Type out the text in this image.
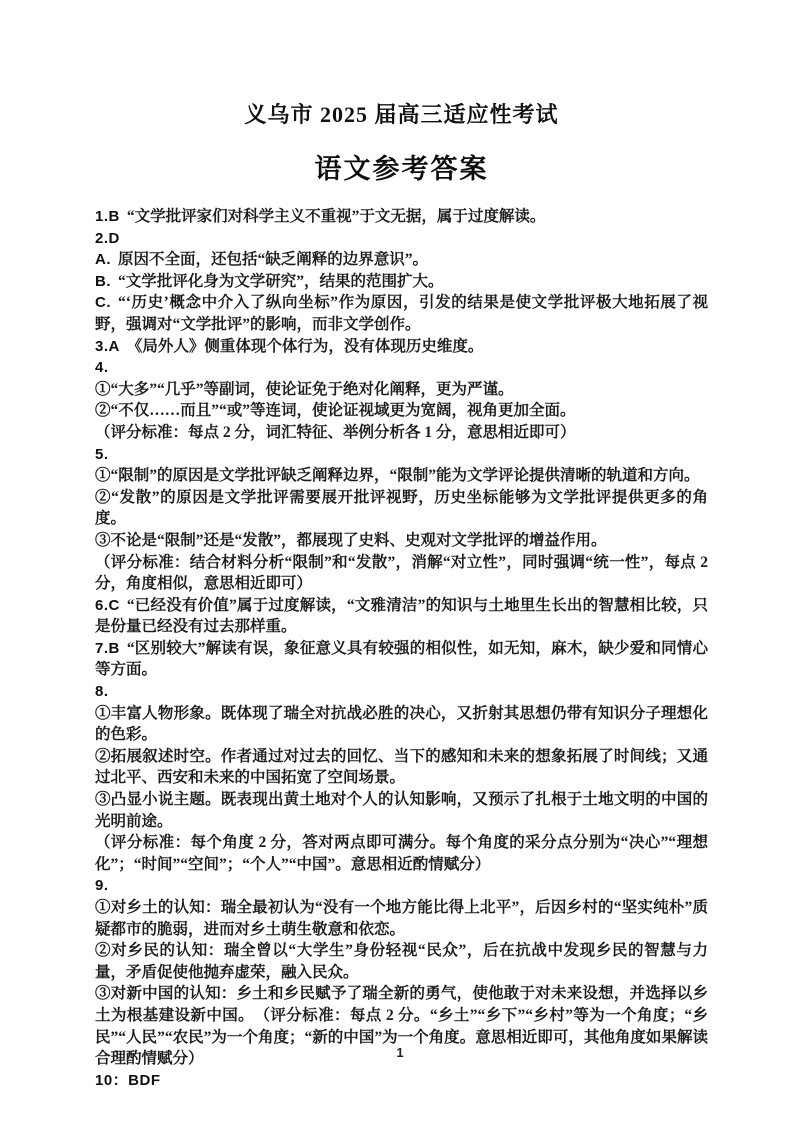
义乌市 2025 届高三适应性考试
语文参考答案

1.B “文学批评家们对科学主义不重视”于文无据，属于过度解读。

2.D

A. 原因不全面，还包括“缺乏阐释的边界意识”。

B. “文学批评化身为文学研究”，结果的范围扩大。

C. “‘历史’概念中介入了纵向坐标”作为原因，引发的结果是使文学批评极大地拓展了视野，强调对“文学批评”的影响，而非文学创作。

3.A 《局外人》侧重体现个体行为，没有体现历史维度。

4.

①“大多”“几乎”等副词，使论证免于绝对化阐释，更为严谨。

②“不仅……而且”“或”等连词，使论证视域更为宽阔，视角更加全面。

（评分标准：每点 2 分，词汇特征、举例分析各 1 分，意思相近即可）

5.

①“限制”的原因是文学批评缺乏阐释边界，“限制”能为文学评论提供清晰的轨道和方向。

②“发散”的原因是文学批评需要展开批评视野，历史坐标能够为文学批评提供更多的角度。

③不论是“限制”还是“发散”，都展现了史料、史观对文学批评的增益作用。

（评分标准：结合材料分析“限制”和“发散”，消解“对立性”，同时强调“统一性”，每点 2 分，角度相似，意思相近即可）

6.C “已经没有价值”属于过度解读，“文雅清洁”的知识与土地里生长出的智慧相比较，只是份量已经没有过去那样重。

7.B “区别较大”解读有误，象征意义具有较强的相似性，如无知，麻木，缺少爱和同情心等方面。

8.

①丰富人物形象。既体现了瑞全对抗战必胜的决心，又折射其思想仍带有知识分子理想化的色彩。

②拓展叙述时空。作者通过对过去的回忆、当下的感知和未来的想象拓展了时间线；又通过北平、西安和未来的中国拓宽了空间场景。

③凸显小说主题。既表现出黄土地对个人的认知影响，又预示了扎根于土地文明的中国的光明前途。

（评分标准：每个角度 2 分，答对两点即可满分。每个角度的采分点分别为“决心”“理想化”；“时间”“空间”；“个人”“中国”。意思相近酌情赋分）

9.

①对乡土的认知：瑞全最初认为“没有一个地方能比得上北平”，后因乡村的“坚实纯朴”质疑都市的脆弱，进而对乡土萌生敬意和依恋。

②对乡民的认知：瑞全曾以“大学生”身份轻视“民众”，后在抗战中发现乡民的智慧与力量，矛盾促使他抛弃虚荣，融入民众。

③对新中国的认知：乡土和乡民赋予了瑞全新的勇气，使他敢于对未来设想，并选择以乡土为根基建设新中国。　（评分标准：每点 2 分。“乡土”“乡下”“乡村”等为一个角度；“乡民”“人民”“农民”为一个角度；“新的中国”为一个角度。意思相近即可，其他角度如果解读合理酌情赋分）

10：BDF

1
